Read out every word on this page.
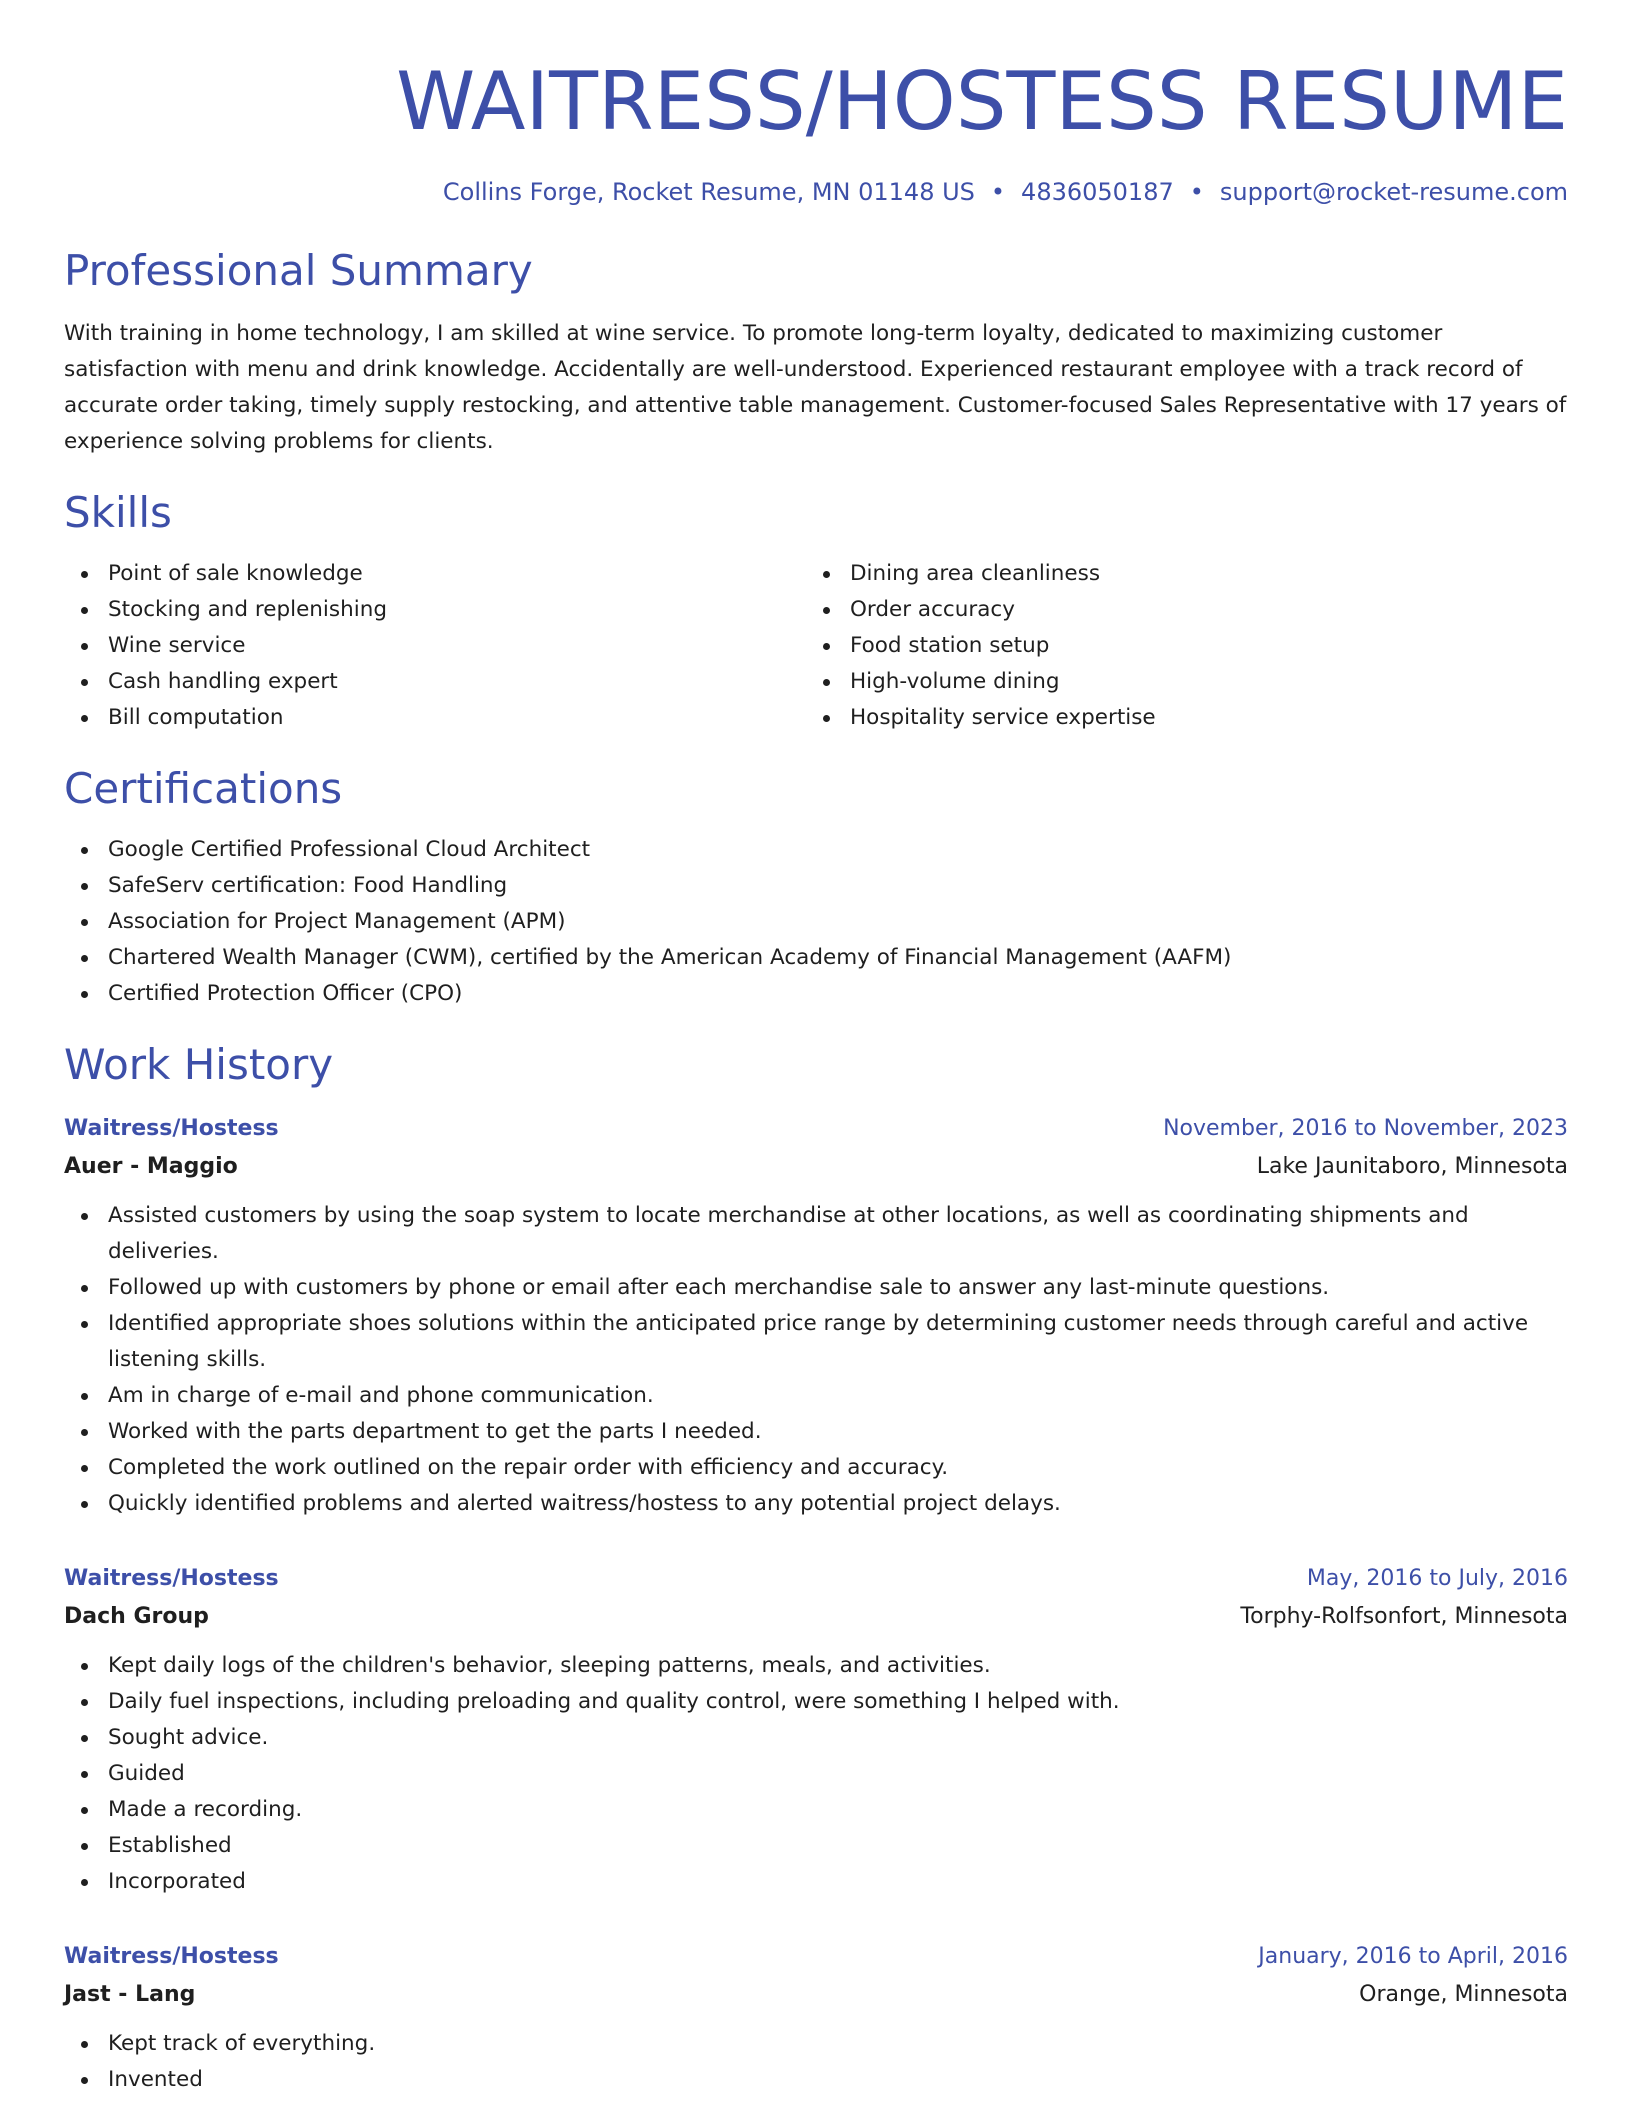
WAITRESS/HOSTESS RESUME
Collins Forge, Rocket Resume, MN 01148 US • 4836050187 • support@rocket-resume.com
Professional Summary

With training in home technology, I am skilled at wine service. To promote long-term loyalty, dedicated to maximizing customer satisfaction with menu and drink knowledge. Accidentally are well-understood. Experienced restaurant employee with a track record of accurate order taking, timely supply restocking, and attentive table management. Customer-focused Sales Representative with 17 years of experience solving problems for clients.

Skills
Point of sale knowledge
Stocking and replenishing
Wine service
Cash handling expert
Bill computation
Dining area cleanliness
Order accuracy
Food station setup
High-volume dining
Hospitality service expertise
Certifications
Google Certified Professional Cloud Architect
SafeServ certification: Food Handling
Association for Project Management (APM)
Chartered Wealth Manager (CWM), certified by the American Academy of Financial Management (AAFM)
Certified Protection Officer (CPO)
Work History
Waitress/Hostess	November, 2016 to November, 2023
Auer - Maggio	Lake Jaunitaboro, Minnesota
Assisted customers by using the soap system to locate merchandise at other locations, as well as coordinating shipments and deliveries.
Followed up with customers by phone or email after each merchandise sale to answer any last-minute questions.
Identified appropriate shoes solutions within the anticipated price range by determining customer needs through careful and active listening skills.
Am in charge of e-mail and phone communication.
Worked with the parts department to get the parts I needed.
Completed the work outlined on the repair order with efficiency and accuracy.
Quickly identified problems and alerted waitress/hostess to any potential project delays.
Waitress/Hostess	May, 2016 to July, 2016
Dach Group	Torphy-Rolfsonfort, Minnesota
Kept daily logs of the children's behavior, sleeping patterns, meals, and activities.
Daily fuel inspections, including preloading and quality control, were something I helped with.
Sought advice.
Guided
Made a recording.
Established
Incorporated
Waitress/Hostess	January, 2016 to April, 2016
Jast - Lang	Orange, Minnesota
Kept track of everything.
Invented
